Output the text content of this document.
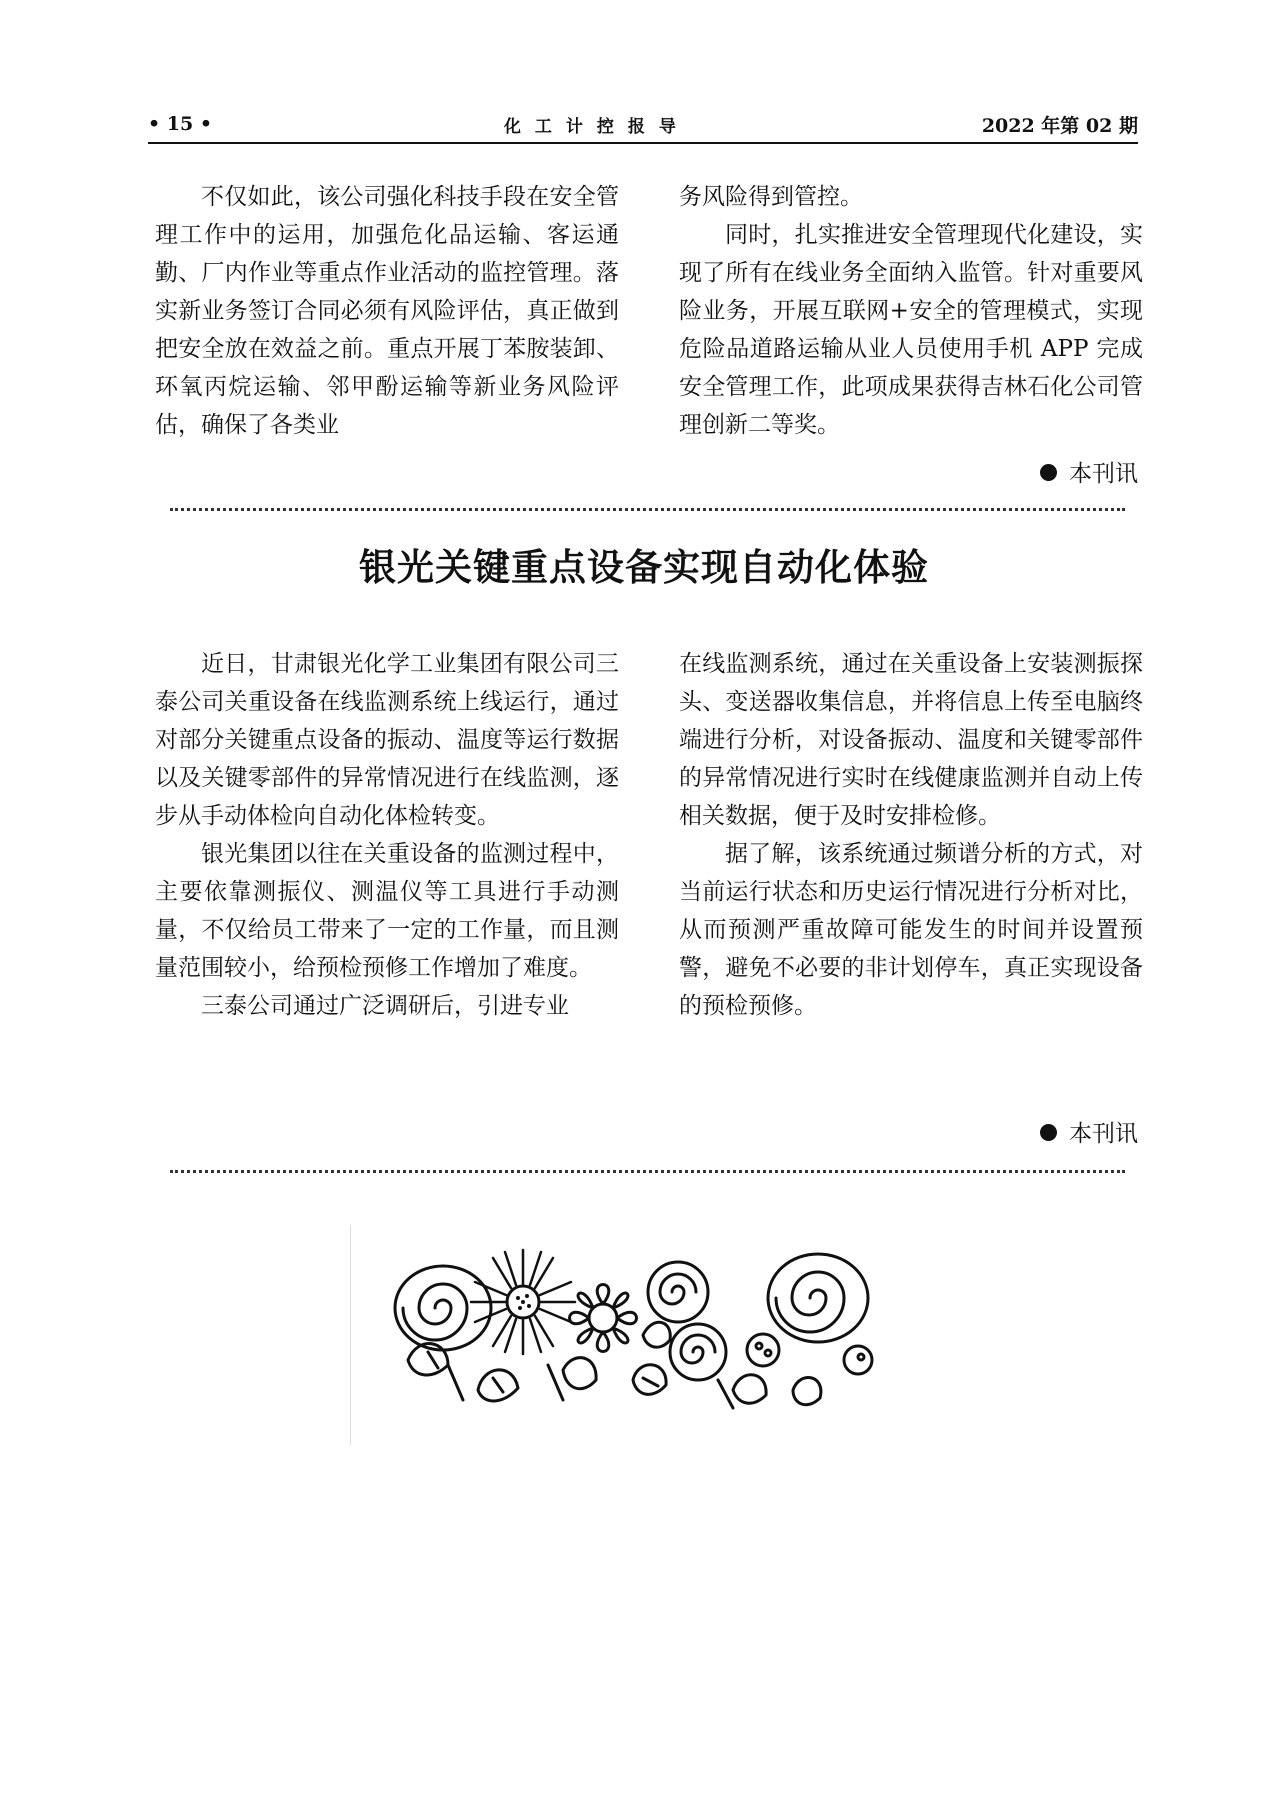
• 15 •	化工计控报导	2022 年第 02 期

不仅如此，该公司强化科技手段在安全管理工作中的运用，加强危化品运输、客运通勤、厂内作业等重点作业活动的监控管理。落实新业务签订合同必须有风险评估，真正做到把安全放在效益之前。重点开展丁苯胺装卸、环氧丙烷运输、邻甲酚运输等新业务风险评估，确保了各类业

务风险得到管控。

同时，扎实推进安全管理现代化建设，实现了所有在线业务全面纳入监管。针对重要风险业务，开展互联网+安全的管理模式，实现危险品道路运输从业人员使用手机 APP 完成安全管理工作，此项成果获得吉林石化公司管理创新二等奖。

本刊讯
银光关键重点设备实现自动化体验

近日，甘肃银光化学工业集团有限公司三泰公司关重设备在线监测系统上线运行，通过对部分关键重点设备的振动、温度等运行数据以及关键零部件的异常情况进行在线监测，逐步从手动体检向自动化体检转变。

银光集团以往在关重设备的监测过程中，主要依靠测振仪、测温仪等工具进行手动测量，不仅给员工带来了一定的工作量，而且测量范围较小，给预检预修工作增加了难度。

三泰公司通过广泛调研后，引进专业

在线监测系统，通过在关重设备上安装测振探头、变送器收集信息，并将信息上传至电脑终端进行分析，对设备振动、温度和关键零部件的异常情况进行实时在线健康监测并自动上传相关数据，便于及时安排检修。

据了解，该系统通过频谱分析的方式，对当前运行状态和历史运行情况进行分析对比，从而预测严重故障可能发生的时间并设置预警，避免不必要的非计划停车，真正实现设备的预检预修。

本刊讯
